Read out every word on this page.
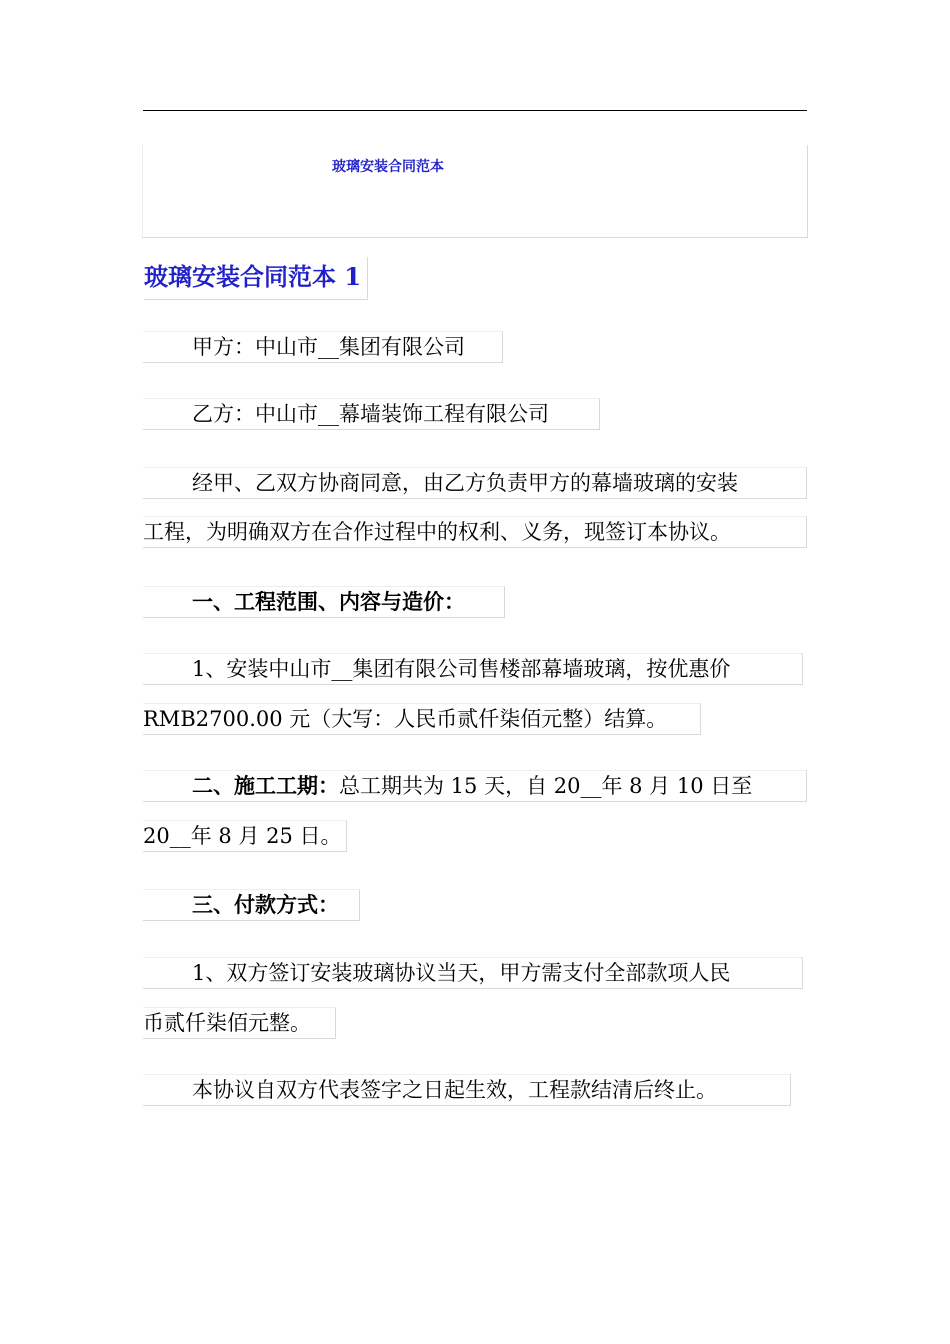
玻璃安装合同范本
玻璃安装合同范本 1
甲方：中山市__集团有限公司
乙方：中山市__幕墙装饰工程有限公司
经甲、乙双方协商同意，由乙方负责甲方的幕墙玻璃的安装
工程，为明确双方在合作过程中的权利、义务，现签订本协议。
一、工程范围、内容与造价：
1、安装中山市__集团有限公司售楼部幕墙玻璃，按优惠价
RMB2700.00 元（大写：人民币贰仟柒佰元整）结算。
二、施工工期：总工期共为 15 天，自 20__年 8 月 10 日至
20__年 8 月 25 日。
三、付款方式：
1、双方签订安装玻璃协议当天，甲方需支付全部款项人民
币贰仟柒佰元整。
本协议自双方代表签字之日起生效，工程款结清后终止。
